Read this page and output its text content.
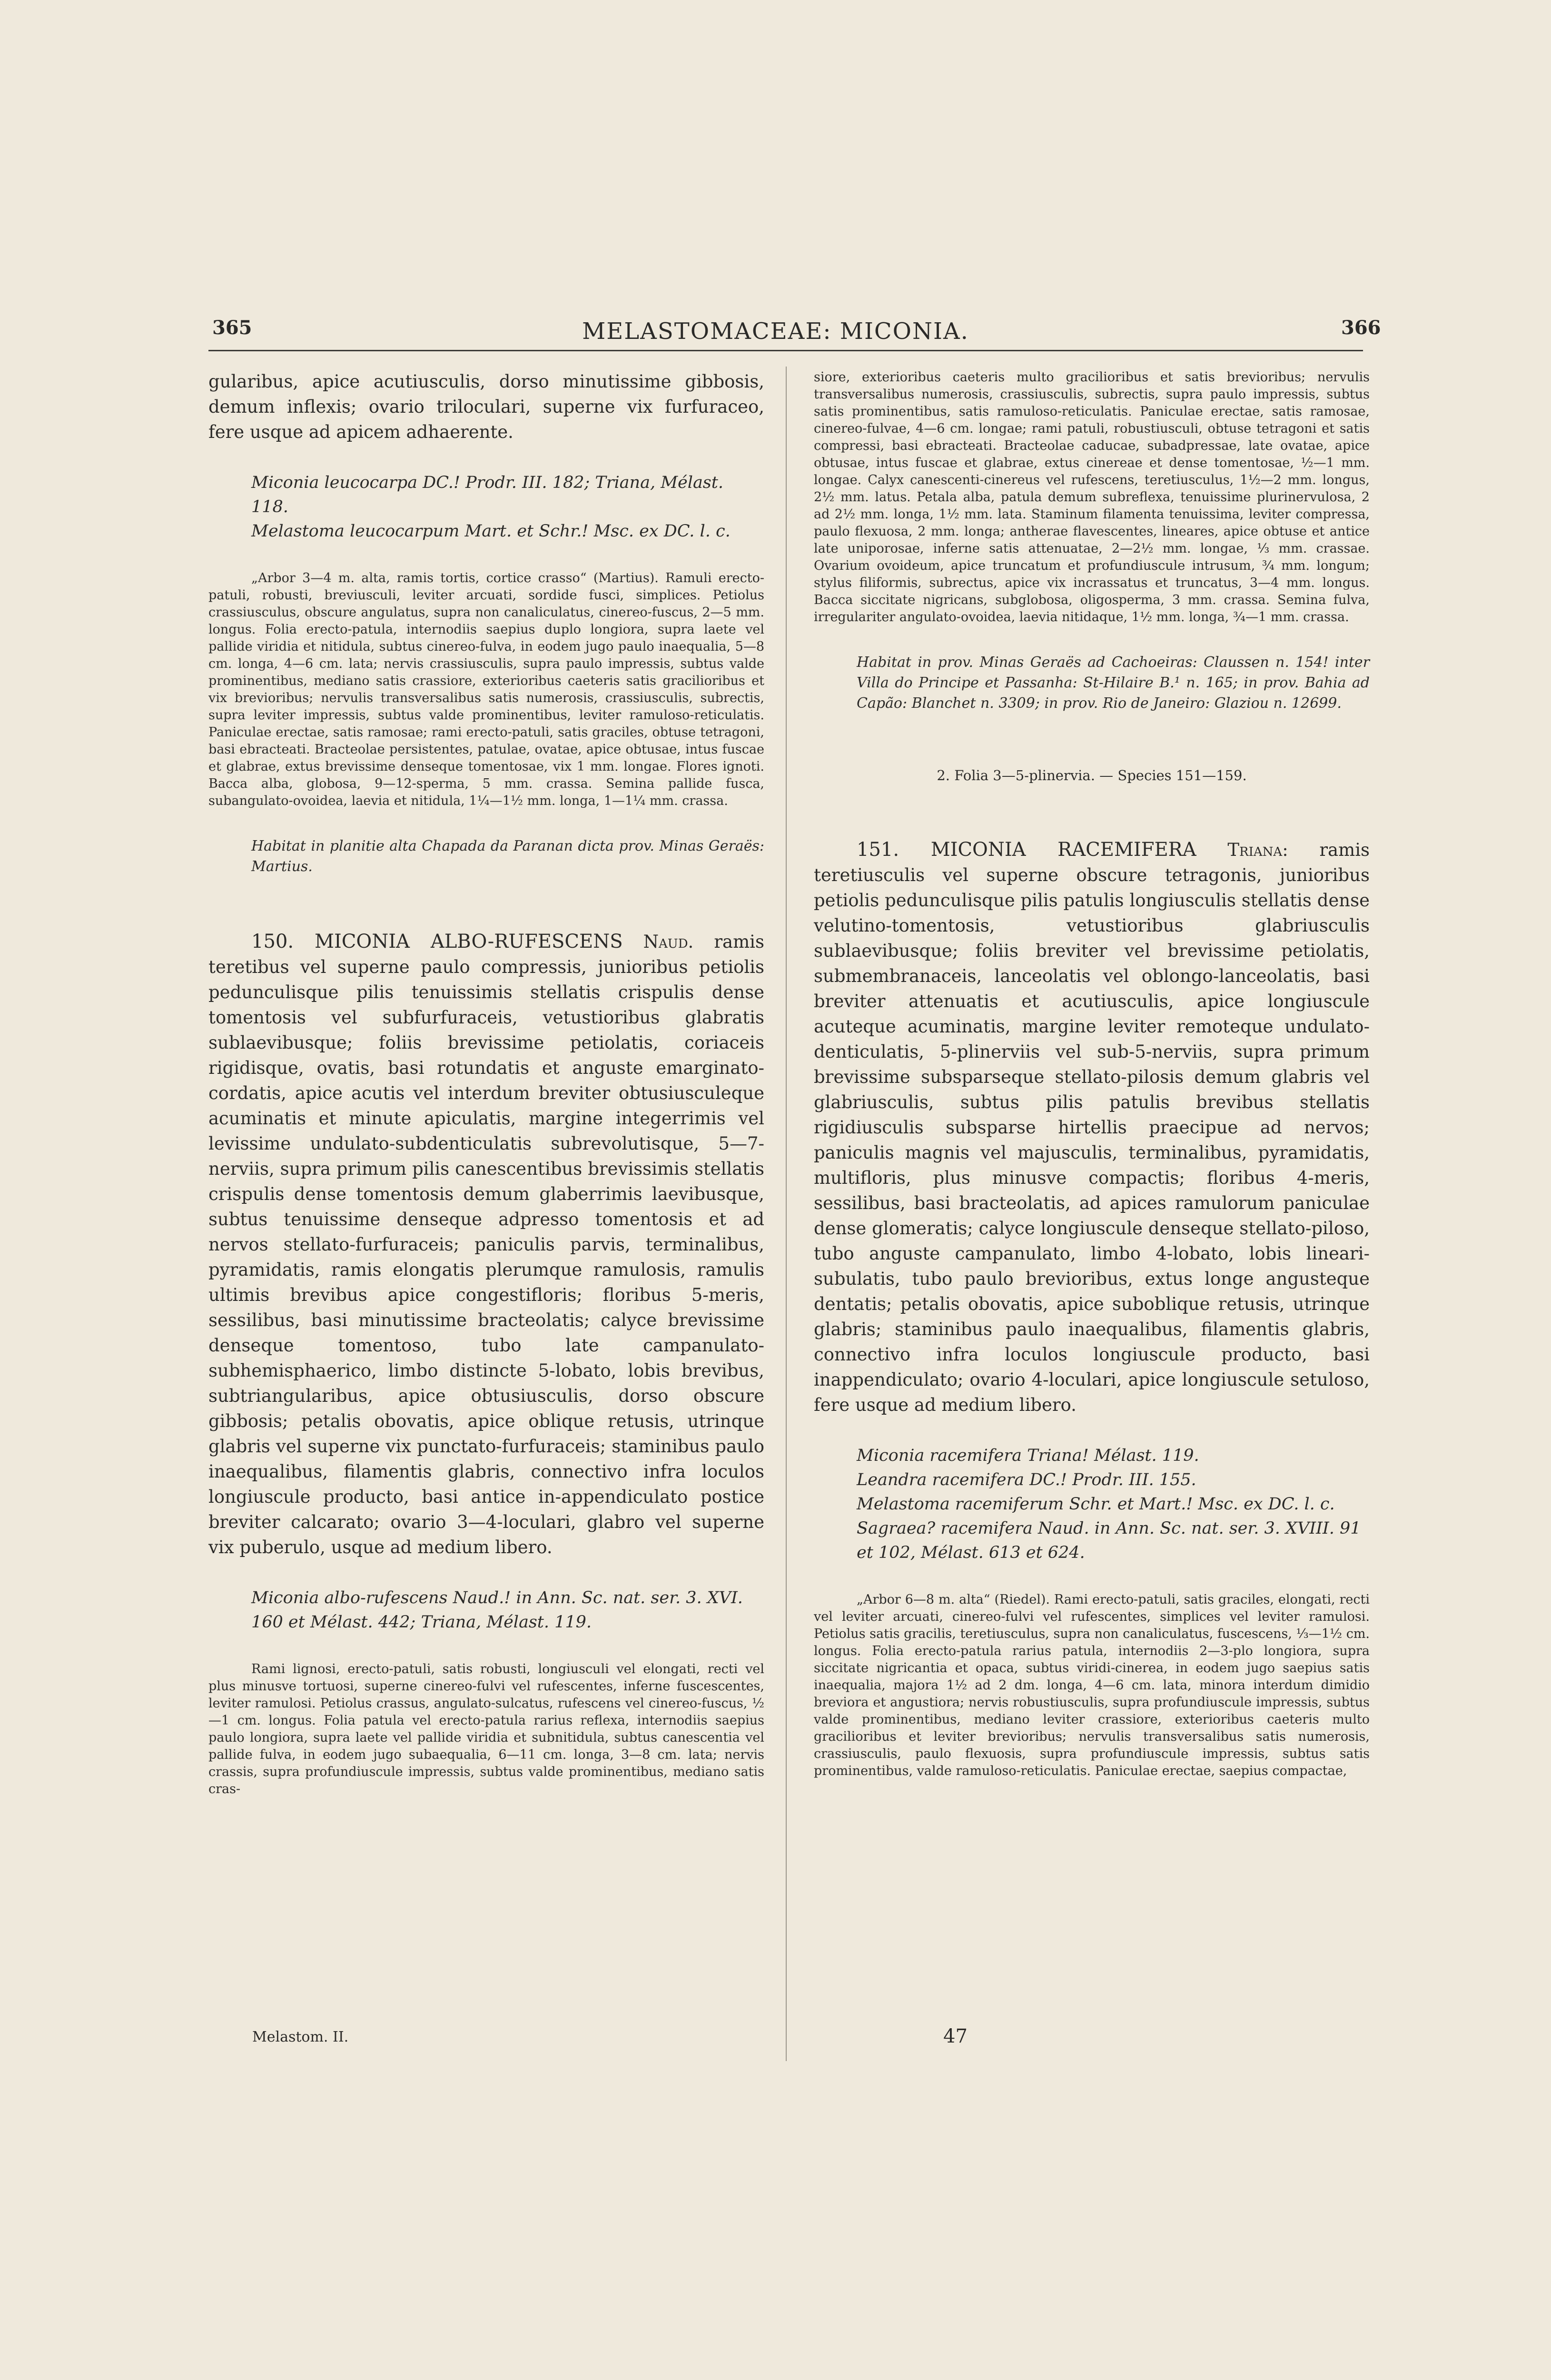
365	MELASTOMACEAE: MICONIA.	366

gularibus, apice acutiusculis, dorso minutissime gibbosis, demum inflexis; ovario triloculari, superne vix furfuraceo, fere usque ad apicem adhaerente.

Miconia leucocarpa DC.! Prodr. III. 182; Triana, Mélast. 118.

Melastoma leucocarpum Mart. et Schr.! Msc. ex DC. l. c.

„Arbor 3—4 m. alta, ramis tortis, cortice crasso“ (Martius). Ramuli erecto-patuli, robusti, breviusculi, leviter arcuati, sordide fusci, simplices. Petiolus crassiusculus, obscure angulatus, supra non canaliculatus, cinereo-fuscus, 2—5 mm. longus. Folia erecto-patula, internodiis saepius duplo longiora, supra laete vel pallide viridia et nitidula, subtus cinereo-fulva, in eodem jugo paulo inaequalia, 5—8 cm. longa, 4—6 cm. lata; nervis crassiusculis, supra paulo impressis, subtus valde prominentibus, mediano satis crassiore, exterioribus caeteris satis gracilioribus et vix brevioribus; nervulis transversalibus satis numerosis, crassiusculis, subrectis, supra leviter impressis, subtus valde prominentibus, leviter ramuloso-reticulatis. Paniculae erectae, satis ramosae; rami erecto-patuli, satis graciles, obtuse tetragoni, basi ebracteati. Bracteolae persistentes, patulae, ovatae, apice obtusae, intus fuscae et glabrae, extus brevissime denseque tomentosae, vix 1 mm. longae. Flores ignoti. Bacca alba, globosa, 9—12-sperma, 5 mm. crassa. Semina pallide fusca, subangulato-ovoidea, laevia et nitidula, 1¼—1½ mm. longa, 1—1¼ mm. crassa.

Habitat in planitie alta Chapada da Paranan dicta prov. Minas Geraës: Martius.

150. MICONIA ALBO-RUFESCENS Naud. ramis teretibus vel superne paulo compressis, junioribus petiolis pedunculisque pilis tenuissimis stellatis crispulis dense tomentosis vel subfurfuraceis, vetustioribus glabratis sublaevibusque; foliis brevissime petiolatis, coriaceis rigidisque, ovatis, basi rotundatis et anguste emarginato-cordatis, apice acutis vel interdum breviter obtusiusculeque acuminatis et minute apiculatis, margine integerrimis vel levissime undulato-subdenticulatis subrevolutisque, 5—7-nerviis, supra primum pilis canescentibus brevissimis stellatis crispulis dense tomentosis demum glaberrimis laevibusque, subtus tenuissime denseque adpresso tomentosis et ad nervos stellato-furfuraceis; paniculis parvis, terminalibus, pyramidatis, ramis elongatis plerumque ramulosis, ramulis ultimis brevibus apice congestifloris; floribus 5-meris, sessilibus, basi minutissime bracteolatis; calyce brevissime denseque tomentoso, tubo late campanulato-subhemisphaerico, limbo distincte 5-lobato, lobis brevibus, subtriangularibus, apice obtusiusculis, dorso obscure gibbosis; petalis obovatis, apice oblique retusis, utrinque glabris vel superne vix punctato-furfuraceis; staminibus paulo inaequalibus, filamentis glabris, connectivo infra loculos longiuscule producto, basi antice in-appendiculato postice breviter calcarato; ovario 3—4-loculari, glabro vel superne vix puberulo, usque ad medium libero.

Miconia albo-rufescens Naud.! in Ann. Sc. nat. ser. 3. XVI. 160 et Mélast. 442; Triana, Mélast. 119.

Rami lignosi, erecto-patuli, satis robusti, longiusculi vel elongati, recti vel plus minusve tortuosi, superne cinereo-fulvi vel rufescentes, inferne fuscescentes, leviter ramulosi. Petiolus crassus, angulato-sulcatus, rufescens vel cinereo-fuscus, ½—1 cm. longus. Folia patula vel erecto-patula rarius reflexa, internodiis saepius paulo longiora, supra laete vel pallide viridia et subnitidula, subtus canescentia vel pallide fulva, in eodem jugo subaequalia, 6—11 cm. longa, 3—8 cm. lata; nervis crassis, supra profundiuscule impressis, subtus valde prominentibus, mediano satis cras-

siore, exterioribus caeteris multo gracilioribus et satis brevioribus; nervulis transversalibus numerosis, crassiusculis, subrectis, supra paulo impressis, subtus satis prominentibus, satis ramuloso-reticulatis. Paniculae erectae, satis ramosae, cinereo-fulvae, 4—6 cm. longae; rami patuli, robustiusculi, obtuse tetragoni et satis compressi, basi ebracteati. Bracteolae caducae, subadpressae, late ovatae, apice obtusae, intus fuscae et glabrae, extus cinereae et dense tomentosae, ½—1 mm. longae. Calyx canescenti-cinereus vel rufescens, teretiusculus, 1½—2 mm. longus, 2½ mm. latus. Petala alba, patula demum subreflexa, tenuissime plurinervulosa, 2 ad 2½ mm. longa, 1½ mm. lata. Staminum filamenta tenuissima, leviter compressa, paulo flexuosa, 2 mm. longa; antherae flavescentes, lineares, apice obtuse et antice late uniporosae, inferne satis attenuatae, 2—2½ mm. longae, ⅓ mm. crassae. Ovarium ovoideum, apice truncatum et profundiuscule intrusum, ¾ mm. longum; stylus filiformis, subrectus, apice vix incrassatus et truncatus, 3—4 mm. longus. Bacca siccitate nigricans, subglobosa, oligosperma, 3 mm. crassa. Semina fulva, irregulariter angulato-ovoidea, laevia nitidaque, 1½ mm. longa, ¾—1 mm. crassa.

Habitat in prov. Minas Geraës ad Cachoeiras: Claussen n. 154! inter Villa do Principe et Passanha: St-Hilaire B.¹ n. 165; in prov. Bahia ad Capão: Blanchet n. 3309; in prov. Rio de Janeiro: Glaziou n. 12699.

2. Folia 3—5-plinervia. — Species 151—159.

151. MICONIA RACEMIFERA Triana: ramis teretiusculis vel superne obscure tetragonis, junioribus petiolis pedunculisque pilis patulis longiusculis stellatis dense velutino-tomentosis, vetustioribus glabriusculis sublaevibusque; foliis breviter vel brevissime petiolatis, submembranaceis, lanceolatis vel oblongo-lanceolatis, basi breviter attenuatis et acutiusculis, apice longiuscule acuteque acuminatis, margine leviter remoteque undulato-denticulatis, 5-plinerviis vel sub-5-nerviis, supra primum brevissime subsparseque stellato-pilosis demum glabris vel glabriusculis, subtus pilis patulis brevibus stellatis rigidiusculis subsparse hirtellis praecipue ad nervos; paniculis magnis vel majusculis, terminalibus, pyramidatis, multifloris, plus minusve compactis; floribus 4-meris, sessilibus, basi bracteolatis, ad apices ramulorum paniculae dense glomeratis; calyce longiuscule denseque stellato-piloso, tubo anguste campanulato, limbo 4-lobato, lobis lineari-subulatis, tubo paulo brevioribus, extus longe angusteque dentatis; petalis obovatis, apice suboblique retusis, utrinque glabris; staminibus paulo inaequalibus, filamentis glabris, connectivo infra loculos longiuscule producto, basi inappendiculato; ovario 4-loculari, apice longiuscule setuloso, fere usque ad medium libero.

Miconia racemifera Triana! Mélast. 119.

Leandra racemifera DC.! Prodr. III. 155.

Melastoma racemiferum Schr. et Mart.! Msc. ex DC. l. c.

Sagraea? racemifera Naud. in Ann. Sc. nat. ser. 3. XVIII. 91 et 102, Mélast. 613 et 624.

„Arbor 6—8 m. alta“ (Riedel). Rami erecto-patuli, satis graciles, elongati, recti vel leviter arcuati, cinereo-fulvi vel rufescentes, simplices vel leviter ramulosi. Petiolus satis gracilis, teretiusculus, supra non canaliculatus, fuscescens, ⅓—1½ cm. longus. Folia erecto-patula rarius patula, internodiis 2—3-plo longiora, supra siccitate nigricantia et opaca, subtus viridi-cinerea, in eodem jugo saepius satis inaequalia, majora 1½ ad 2 dm. longa, 4—6 cm. lata, minora interdum dimidio breviora et angustiora; nervis robustiusculis, supra profundiuscule impressis, subtus valde prominentibus, mediano leviter crassiore, exterioribus caeteris multo gracilioribus et leviter brevioribus; nervulis transversalibus satis numerosis, crassiusculis, paulo flexuosis, supra profundiuscule impressis, subtus satis prominentibus, valde ramuloso-reticulatis. Paniculae erectae, saepius compactae,

Melastom. II.	47
